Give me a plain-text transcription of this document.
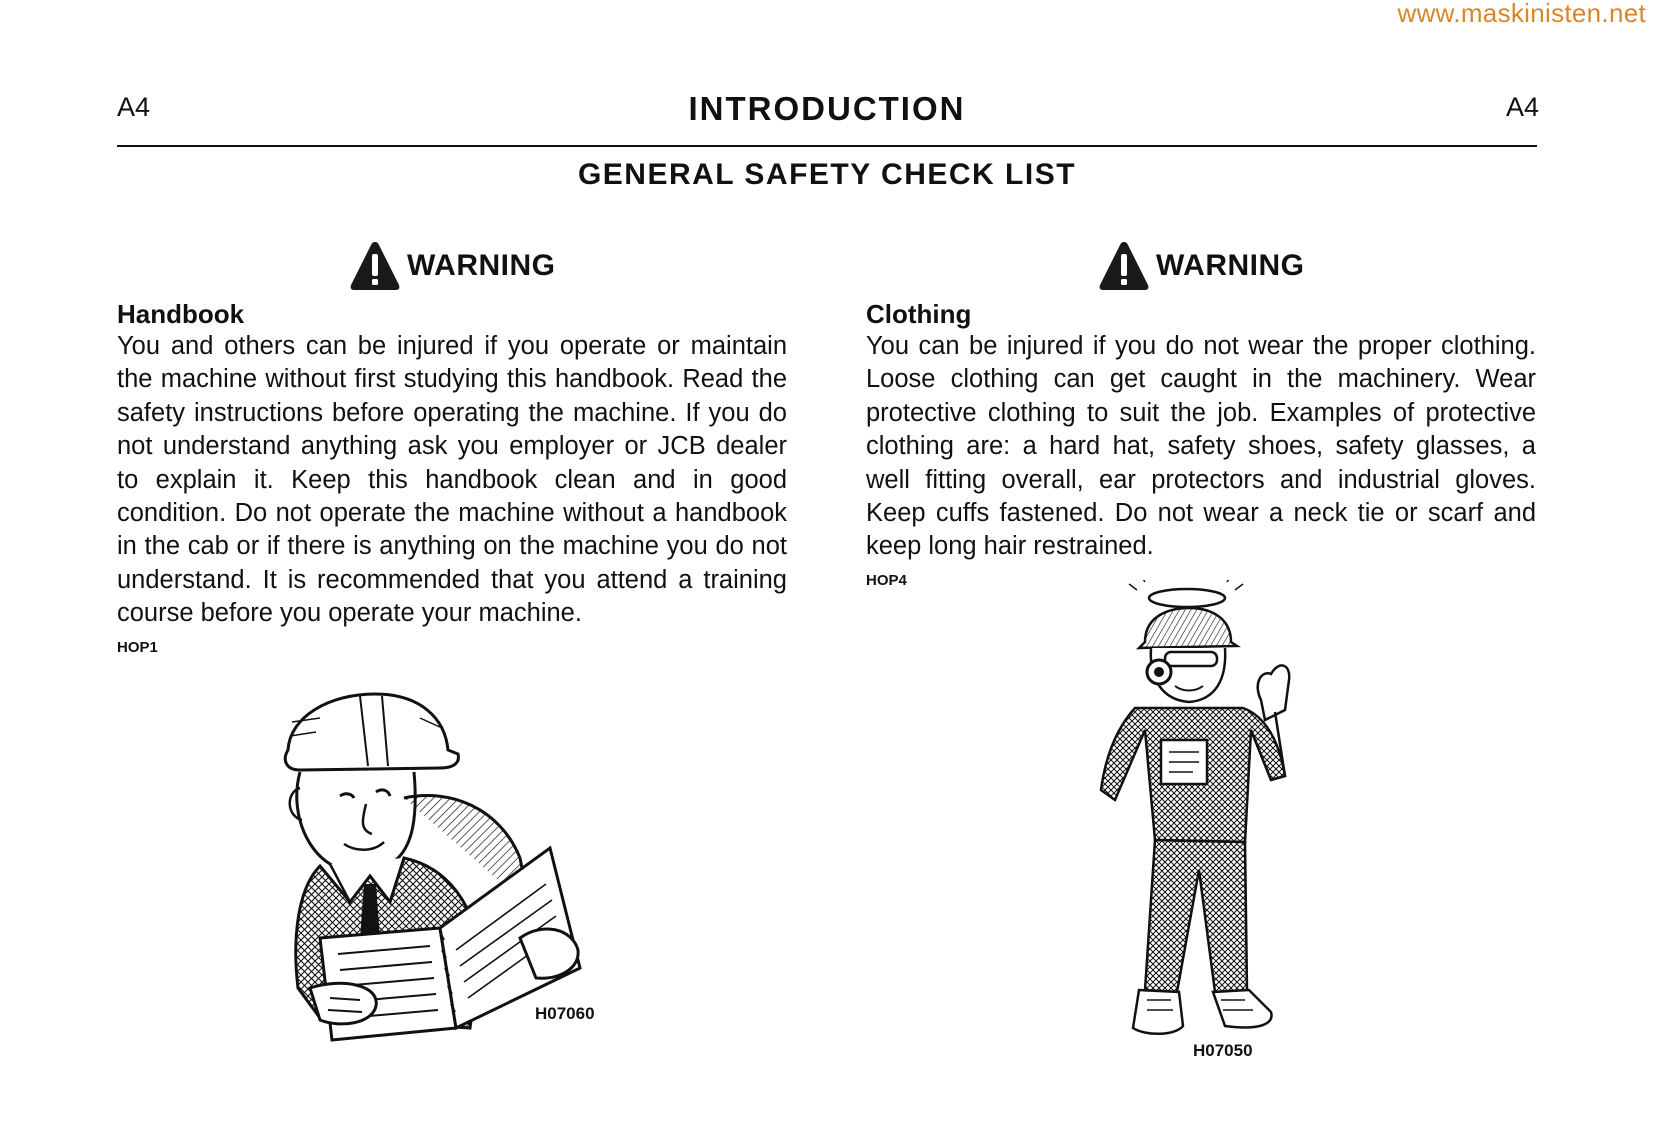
www.maskinisten.net
A4	INTRODUCTION	A4
GENERAL SAFETY CHECK LIST
WARNING
Handbook

You and others can be injured if you operate or maintain the machine without first studying this handbook. Read the safety instructions before operating the machine. If you do not understand anything ask you employer or JCB dealer to explain it. Keep this handbook clean and in good condition. Do not operate the machine without a handbook in the cab or if there is anything on the machine you do not understand. It is recommended that you attend a training course before you operate your machine.

HOP1
WARNING
Clothing

You can be injured if you do not wear the proper clothing. Loose clothing can get caught in the machinery. Wear protective clothing to suit the job. Examples of protective clothing are: a hard hat, safety shoes, safety glasses, a well fitting overall, ear protectors and industrial gloves. Keep cuffs fastened. Do not wear a neck tie or scarf and keep long hair restrained.

HOP4
H07060
H07050
